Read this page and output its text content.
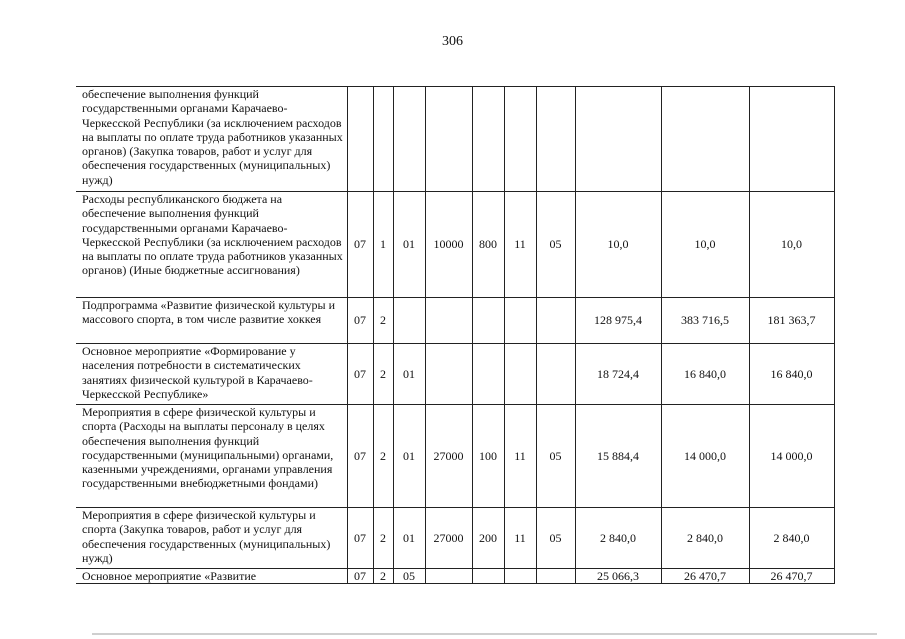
306
обеспечение выполнения функций государственными органами Карачаево-Черкесской Республики (за исключением расходов на выплаты по оплате труда работников указанных органов) (Закупка товаров, работ и услуг для обеспечения государственных (муниципальных) нужд)										
Расходы республиканского бюджета на обеспечение выполнения функций государственными органами Карачаево-Черкесской Республики (за исключением расходов на выплаты по оплате труда работников указанных органов) (Иные бюджетные ассигнования)	07	1	01	10000	800	11	05	10,0	10,0	10,0
Подпрограмма «Развитие физической культуры и массового спорта, в том числе развитие хоккея	07	2						128 975,4	383 716,5	181 363,7
Основное мероприятие «Формирование у населения потребности в систематических занятиях физической культурой в Карачаево-Черкесской Республике»	07	2	01					18 724,4	16 840,0	16 840,0
Мероприятия в сфере физической культуры и спорта (Расходы на выплаты персоналу в целях обеспечения выполнения функций государственными (муниципальными) органами, казенными учреждениями, органами управления государственными внебюджетными фондами)	07	2	01	27000	100	11	05	15 884,4	14 000,0	14 000,0
Мероприятия в сфере физической культуры и спорта (Закупка товаров, работ и услуг для обеспечения государственных (муниципальных) нужд)	07	2	01	27000	200	11	05	2 840,0	2 840,0	2 840,0
Основное мероприятие «Развитие	07	2	05					25 066,3	26 470,7	26 470,7
